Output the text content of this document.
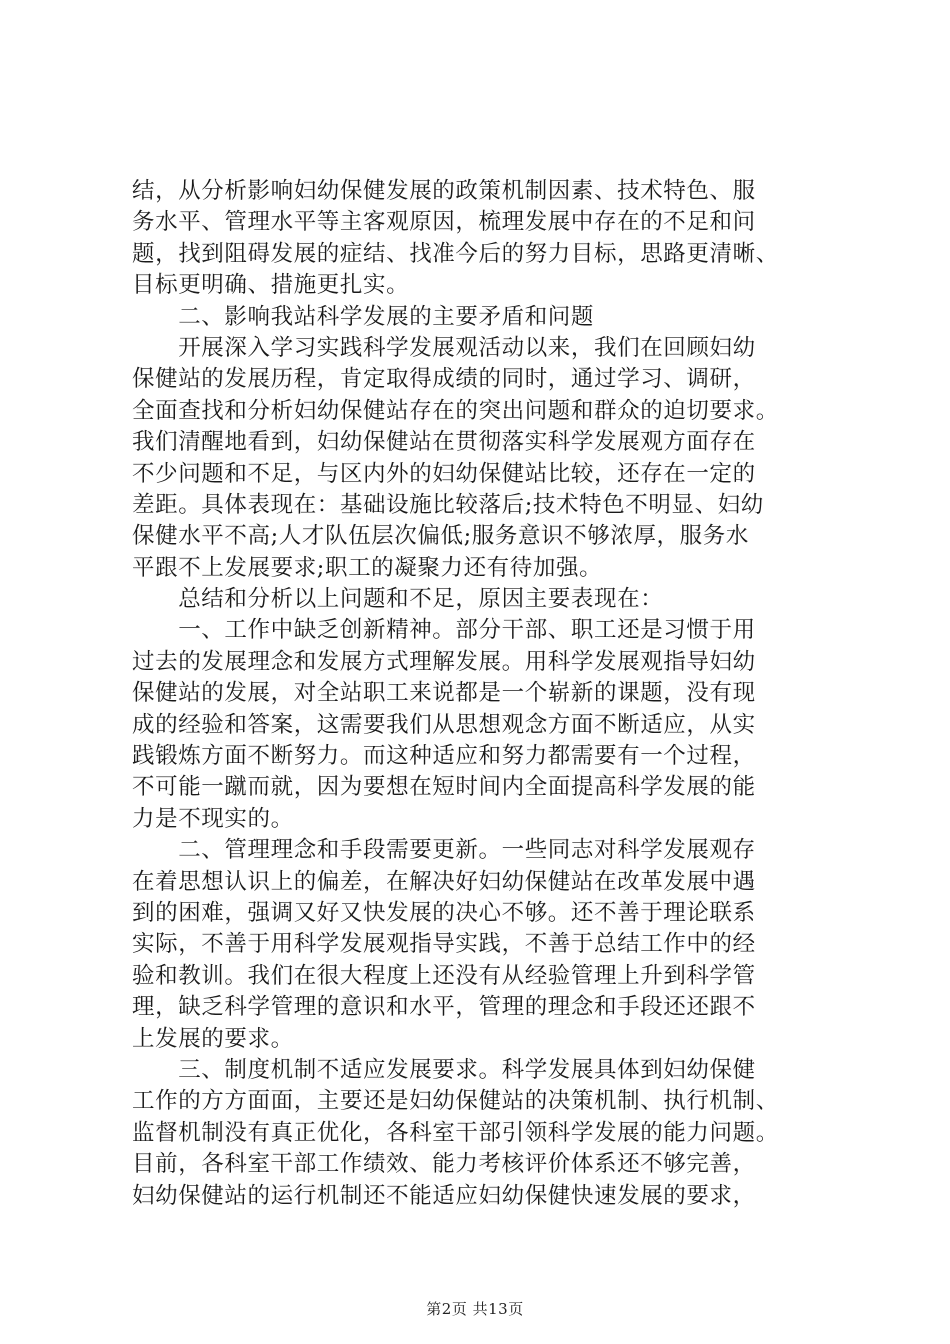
结，从分析影响妇幼保健发展的政策机制因素、技术特色、服
务水平、管理水平等主客观原因，梳理发展中存在的不足和问
题，找到阻碍发展的症结、找准今后的努力目标，思路更清晰、
目标更明确、措施更扎实。
　　二、影响我站科学发展的主要矛盾和问题
　　开展深入学习实践科学发展观活动以来，我们在回顾妇幼
保健站的发展历程，肯定取得成绩的同时，通过学习、调研，
全面查找和分析妇幼保健站存在的突出问题和群众的迫切要求。
我们清醒地看到，妇幼保健站在贯彻落实科学发展观方面存在
不少问题和不足，与区内外的妇幼保健站比较，还存在一定的
差距。具体表现在：基础设施比较落后;技术特色不明显、妇幼
保健水平不高;人才队伍层次偏低;服务意识不够浓厚，服务水
平跟不上发展要求;职工的凝聚力还有待加强。
　　总结和分析以上问题和不足，原因主要表现在：
　　一、工作中缺乏创新精神。部分干部、职工还是习惯于用
过去的发展理念和发展方式理解发展。用科学发展观指导妇幼
保健站的发展，对全站职工来说都是一个崭新的课题，没有现
成的经验和答案，这需要我们从思想观念方面不断适应，从实
践锻炼方面不断努力。而这种适应和努力都需要有一个过程，
不可能一蹴而就，因为要想在短时间内全面提高科学发展的能
力是不现实的。
　　二、管理理念和手段需要更新。一些同志对科学发展观存
在着思想认识上的偏差，在解决好妇幼保健站在改革发展中遇
到的困难，强调又好又快发展的决心不够。还不善于理论联系
实际，不善于用科学发展观指导实践，不善于总结工作中的经
验和教训。我们在很大程度上还没有从经验管理上升到科学管
理，缺乏科学管理的意识和水平，管理的理念和手段还还跟不
上发展的要求。
　　三、制度机制不适应发展要求。科学发展具体到妇幼保健
工作的方方面面，主要还是妇幼保健站的决策机制、执行机制、
监督机制没有真正优化，各科室干部引领科学发展的能力问题。
目前，各科室干部工作绩效、能力考核评价体系还不够完善，
妇幼保健站的运行机制还不能适应妇幼保健快速发展的要求，
第2页 共13页
